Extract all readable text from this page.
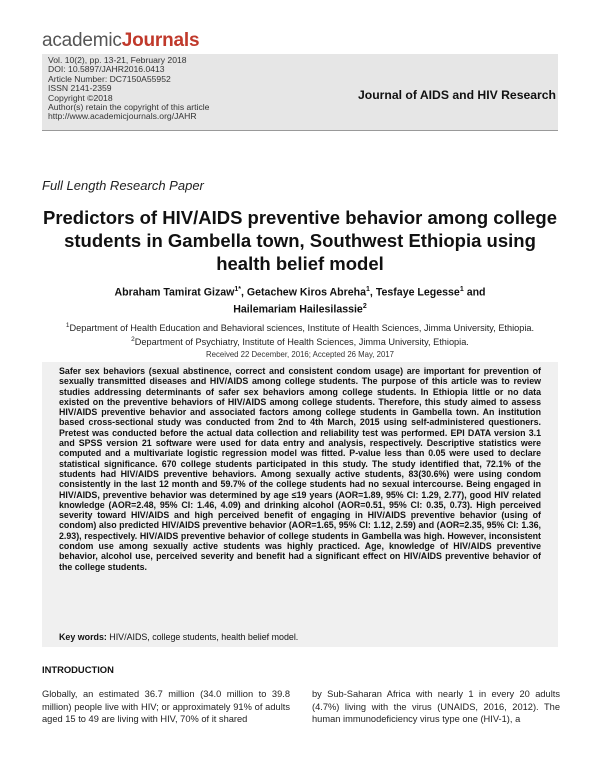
academicJournals
Vol. 10(2), pp. 13-21, February 2018
DOI: 10.5897/JAHR2016.0413
Article Number: DC7150A55952
ISSN 2141-2359
Copyright ©2018
Author(s) retain the copyright of this article
http://www.academicjournals.org/JAHR
Journal of AIDS and HIV Research
Full Length Research Paper
Predictors of HIV/AIDS preventive behavior among college students in Gambella town, Southwest Ethiopia using health belief model
Abraham Tamirat Gizaw$^{1*}$, Getachew Kiros Abreha$^1$, Tesfaye Legesse$^1$ and
Hailemariam Hailesilassie$^2$
$^1$Department of Health Education and Behavioral sciences, Institute of Health Sciences, Jimma University, Ethiopia.
$^2$Department of Psychiatry, Institute of Health Sciences, Jimma University, Ethiopia.
Received 22 December, 2016; Accepted 26 May, 2017
Safer sex behaviors (sexual abstinence, correct and consistent condom usage) are important for prevention of sexually transmitted diseases and HIV/AIDS among college students. The purpose of this article was to review studies addressing determinants of safer sex behaviors among college students. In Ethiopia little or no data existed on the preventive behaviors of HIV/AIDS among college students. Therefore, this study aimed to assess HIV/AIDS preventive behavior and associated factors among college students in Gambella town. An institution based cross-sectional study was conducted from 2nd to 4th March, 2015 using self-administered questioners. Pretest was conducted before the actual data collection and reliability test was performed. EPI DATA version 3.1 and SPSS version 21 software were used for data entry and analysis, respectively. Descriptive statistics were computed and a multivariate logistic regression model was fitted. P-value less than 0.05 were used to declare statistical significance. 670 college students participated in this study. The study identified that, 72.1% of the students had HIV/AIDS preventive behaviors. Among sexually active students, 83(30.6%) were using condom consistently in the last 12 month and 59.7% of the college students had no sexual intercourse. Being engaged in HIV/AIDS, preventive behavior was determined by age ≤19 years (AOR=1.89, 95% CI: 1.29, 2.77), good HIV related knowledge (AOR=2.48, 95% CI: 1.46, 4.09) and drinking alcohol (AOR=0.51, 95% CI: 0.35, 0.73). High perceived severity toward HIV/AIDS and high perceived benefit of engaging in HIV/AIDS preventive behavior (using of condom) also predicted HIV/AIDS preventive behavior (AOR=1.65, 95% CI: 1.12, 2.59) and (AOR=2.35, 95% CI: 1.36, 2.93), respectively. HIV/AIDS preventive behavior of college students in Gambella was high. However, inconsistent condom use among sexually active students was highly practiced. Age, knowledge of HIV/AIDS preventive behavior, alcohol use, perceived severity and benefit had a significant effect on HIV/AIDS preventive behavior of the college students.
Key words: HIV/AIDS, college students, health belief model.
INTRODUCTION
Globally, an estimated 36.7 million (34.0 million to 39.8 million) people live with HIV; or approximately 91% of adults aged 15 to 49 are living with HIV, 70% of it shared
by Sub-Saharan Africa with nearly 1 in every 20 adults (4.7%) living with the virus (UNAIDS, 2016, 2012). The human immunodeficiency virus type one (HIV-1), a
